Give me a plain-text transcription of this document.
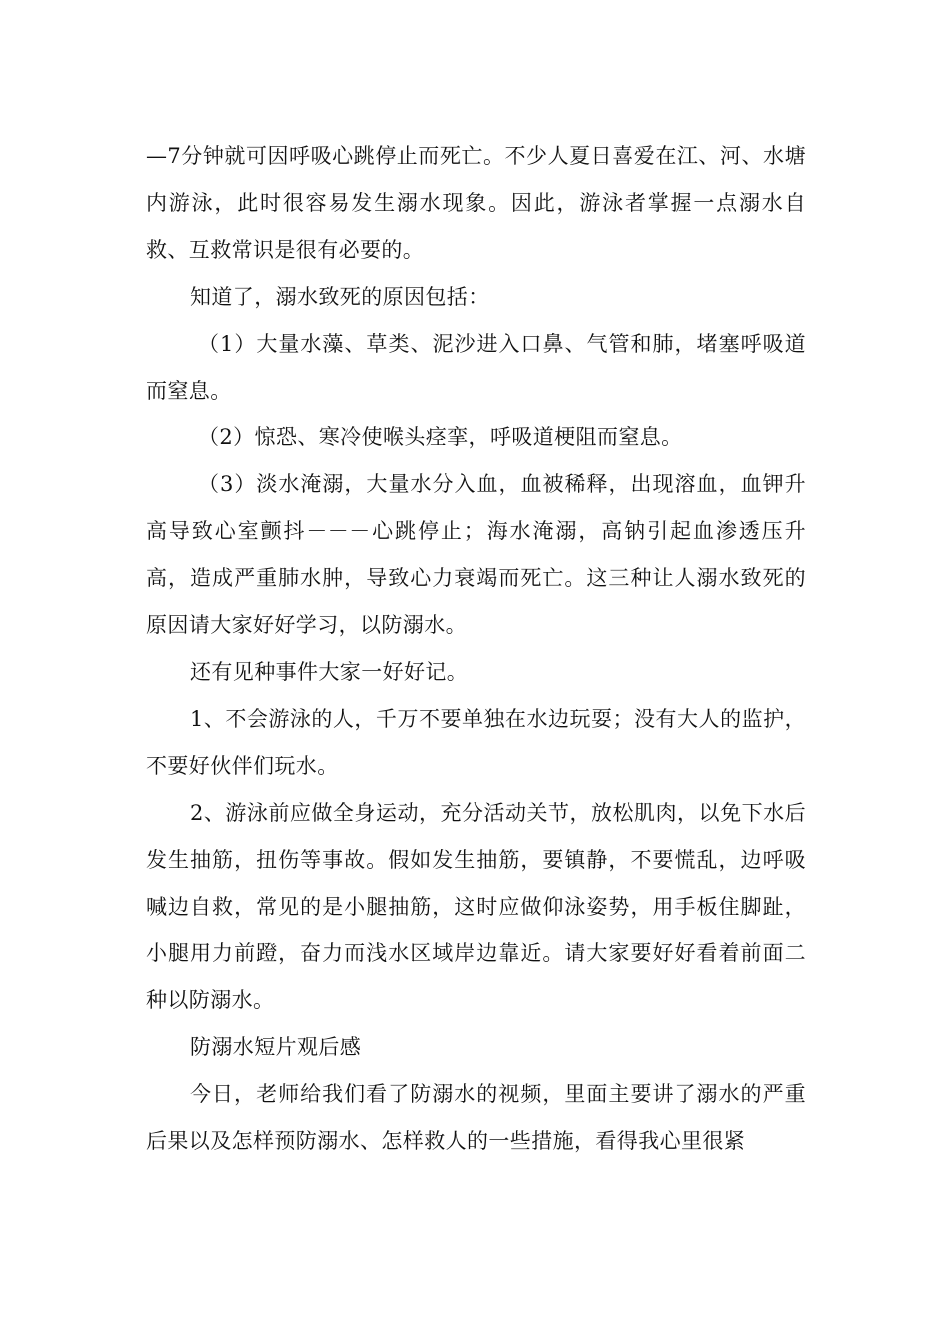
—7分钟就可因呼吸心跳停止而死亡。不少人夏日喜爱在江、河、水塘内游泳，此时很容易发生溺水现象。因此，游泳者掌握一点溺水自救、互救常识是很有必要的。

知道了，溺水致死的原因包括：

（1）大量水藻、草类、泥沙进入口鼻、气管和肺，堵塞呼吸道而窒息。

（2）惊恐、寒冷使喉头痉挛，呼吸道梗阻而窒息。

（3）淡水淹溺，大量水分入血，血被稀释，出现溶血，血钾升高导致心室颤抖－－－心跳停止；海水淹溺，高钠引起血渗透压升高，造成严重肺水肿，导致心力衰竭而死亡。这三种让人溺水致死的原因请大家好好学习，以防溺水。

还有见种事件大家一好好记。

1、不会游泳的人，千万不要单独在水边玩耍；没有大人的监护，不要好伙伴们玩水。

2、游泳前应做全身运动，充分活动关节，放松肌肉，以免下水后发生抽筋，扭伤等事故。假如发生抽筋，要镇静，不要慌乱，边呼吸喊边自救，常见的是小腿抽筋，这时应做仰泳姿势，用手板住脚趾，小腿用力前蹬，奋力而浅水区域岸边靠近。请大家要好好看着前面二种以防溺水。

防溺水短片观后感

今日，老师给我们看了防溺水的视频，里面主要讲了溺水的严重后果以及怎样预防溺水、怎样救人的一些措施，看得我心里很紧
